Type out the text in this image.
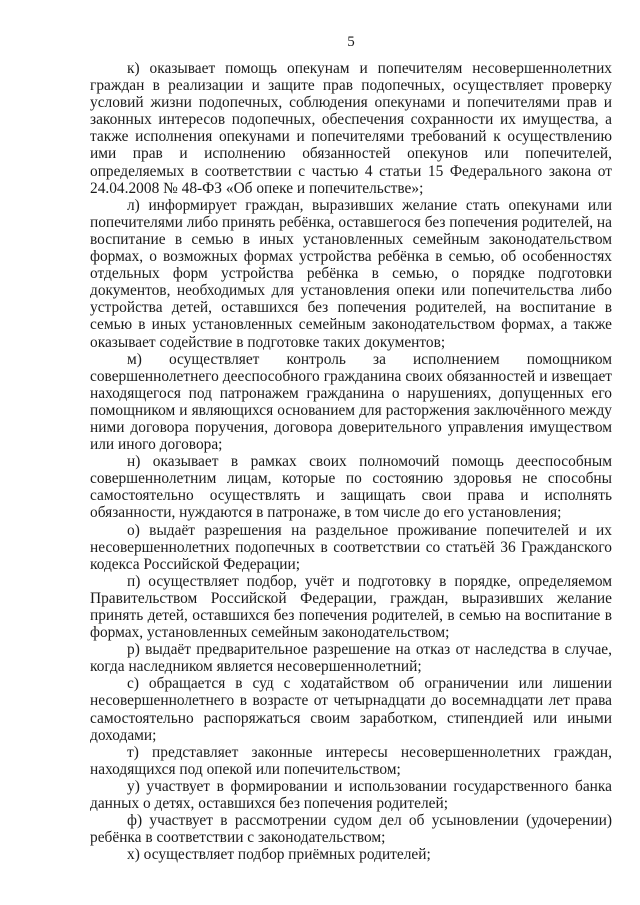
5

к) оказывает помощь опекунам и попечителям несовершеннолетних граждан в реализации и защите прав подопечных, осуществляет проверку условий жизни подопечных, соблюдения опекунами и попечителями прав и законных интересов подопечных, обеспечения сохранности их имущества, а также исполнения опекунами и попечителями требований к осуществлению ими прав и исполнению обязанностей опекунов или попечителей, определяемых в соответствии с частью 4 статьи 15 Федерального закона от 24.04.2008 № 48-ФЗ «Об опеке и попечительстве»;

л) информирует граждан, выразивших желание стать опекунами или попечителями либо принять ребёнка, оставшегося без попечения родителей, на воспитание в семью в иных установленных семейным законодательством формах, о возможных формах устройства ребёнка в семью, об особенностях отдельных форм устройства ребёнка в семью, о порядке подготовки документов, необходимых для установления опеки или попечительства либо устройства детей, оставшихся без попечения родителей, на воспитание в семью в иных установленных семейным законодательством формах, а также оказывает содействие в подготовке таких документов;

м) осуществляет контроль за исполнением помощником совершеннолетнего дееспособного гражданина своих обязанностей и извещает находящегося под патронажем гражданина о нарушениях, допущенных его помощником и являющихся основанием для расторжения заключённого между ними договора поручения, договора доверительного управления имуществом или иного договора;

н) оказывает в рамках своих полномочий помощь дееспособным совершеннолетним лицам, которые по состоянию здоровья не способны самостоятельно осуществлять и защищать свои права и исполнять обязанности, нуждаются в патронаже, в том числе до его установления;

о) выдаёт разрешения на раздельное проживание попечителей и их несовершеннолетних подопечных в соответствии со статьёй 36 Гражданского кодекса Российской Федерации;

п) осуществляет подбор, учёт и подготовку в порядке, определяемом Правительством Российской Федерации, граждан, выразивших желание принять детей, оставшихся без попечения родителей, в семью на воспитание в формах, установленных семейным законодательством;

р) выдаёт предварительное разрешение на отказ от наследства в случае, когда наследником является несовершеннолетний;

с) обращается в суд с ходатайством об ограничении или лишении несовершеннолетнего в возрасте от четырнадцати до восемнадцати лет права самостоятельно распоряжаться своим заработком, стипендией или иными доходами;

т) представляет законные интересы несовершеннолетних граждан, находящихся под опекой или попечительством;

у) участвует в формировании и использовании государственного банка данных о детях, оставшихся без попечения родителей;

ф) участвует в рассмотрении судом дел об усыновлении (удочерении) ребёнка в соответствии с законодательством;

х) осуществляет подбор приёмных родителей;
